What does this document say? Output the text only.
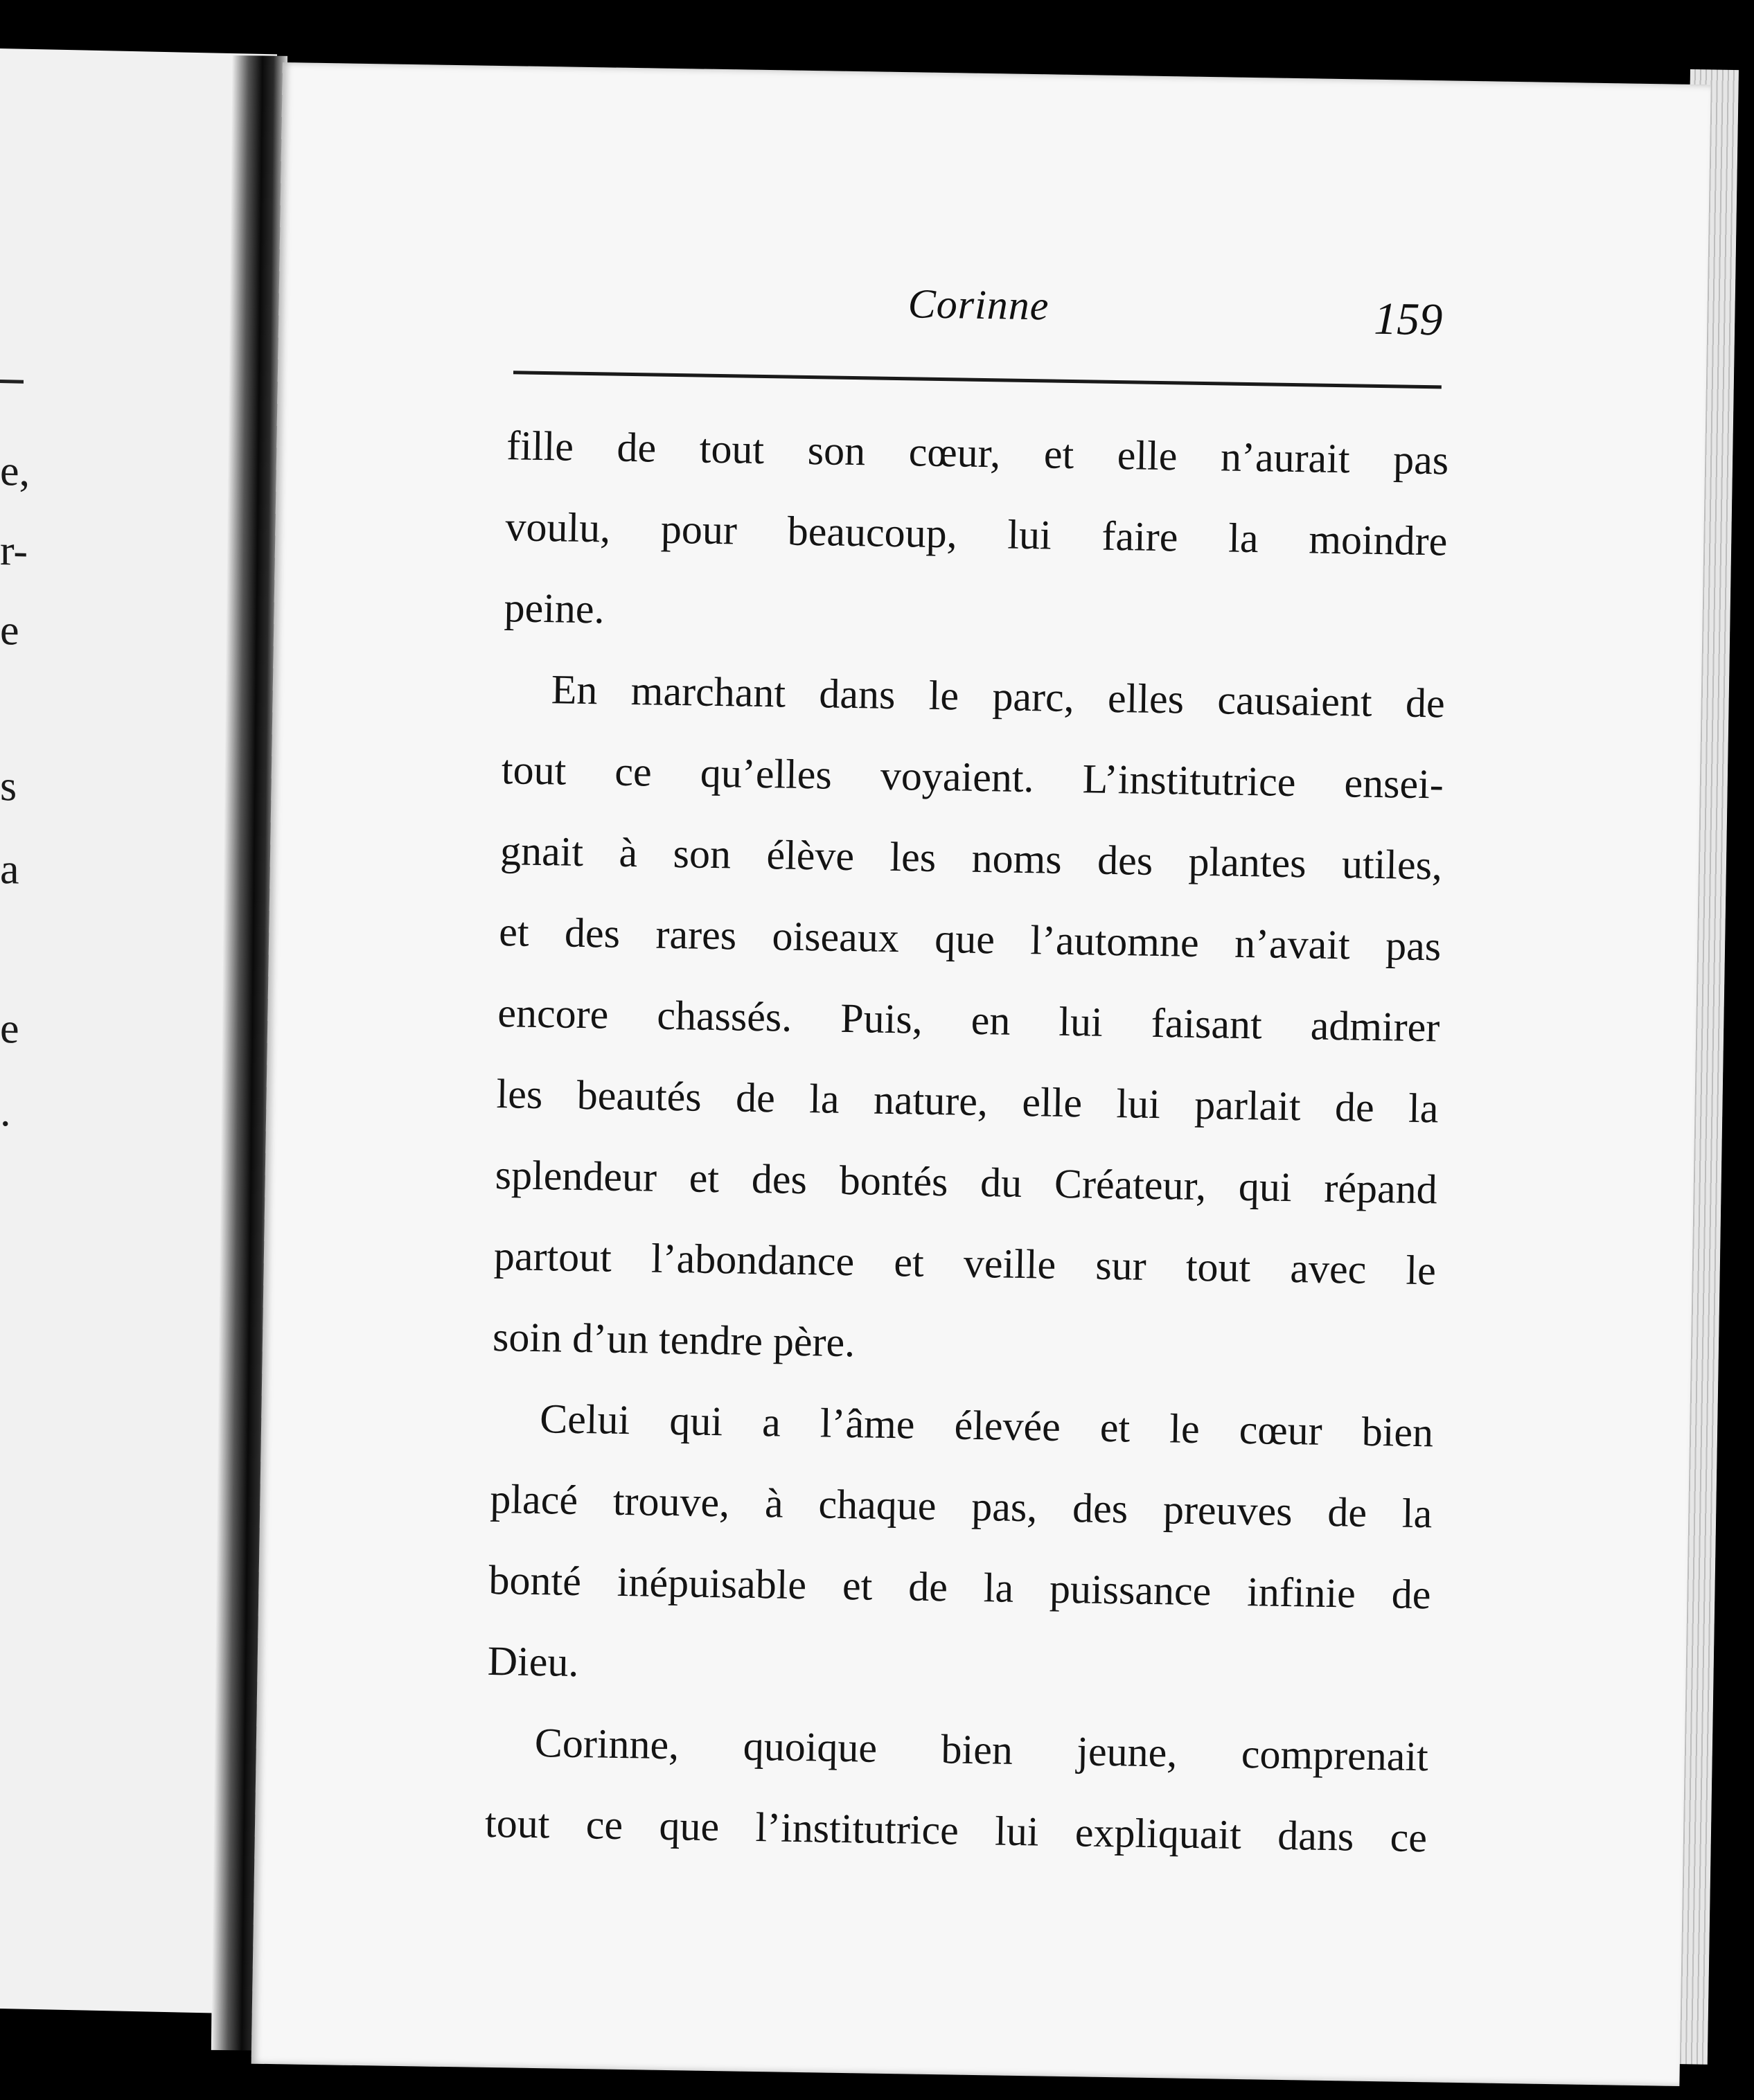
e,
r-
e
s
a
e
.
Corinne	159
fille de tout son cœur, et elle n’aurait pas
voulu, pour beaucoup, lui faire la moindre
peine.
En marchant dans le parc, elles causaient de
tout ce qu’elles voyaient. L’institutrice ensei-
gnait à son élève les noms des plantes utiles,
et des rares oiseaux que l’automne n’avait pas
encore chassés. Puis, en lui faisant admirer
les beautés de la nature, elle lui parlait de la
splendeur et des bontés du Créateur, qui répand
partout l’abondance et veille sur tout avec le
soin d’un tendre père.
Celui qui a l’âme élevée et le cœur bien
placé trouve, à chaque pas, des preuves de la
bonté inépuisable et de la puissance infinie de
Dieu.
Corinne, quoique bien jeune, comprenait
tout ce que l’institutrice lui expliquait dans ce
